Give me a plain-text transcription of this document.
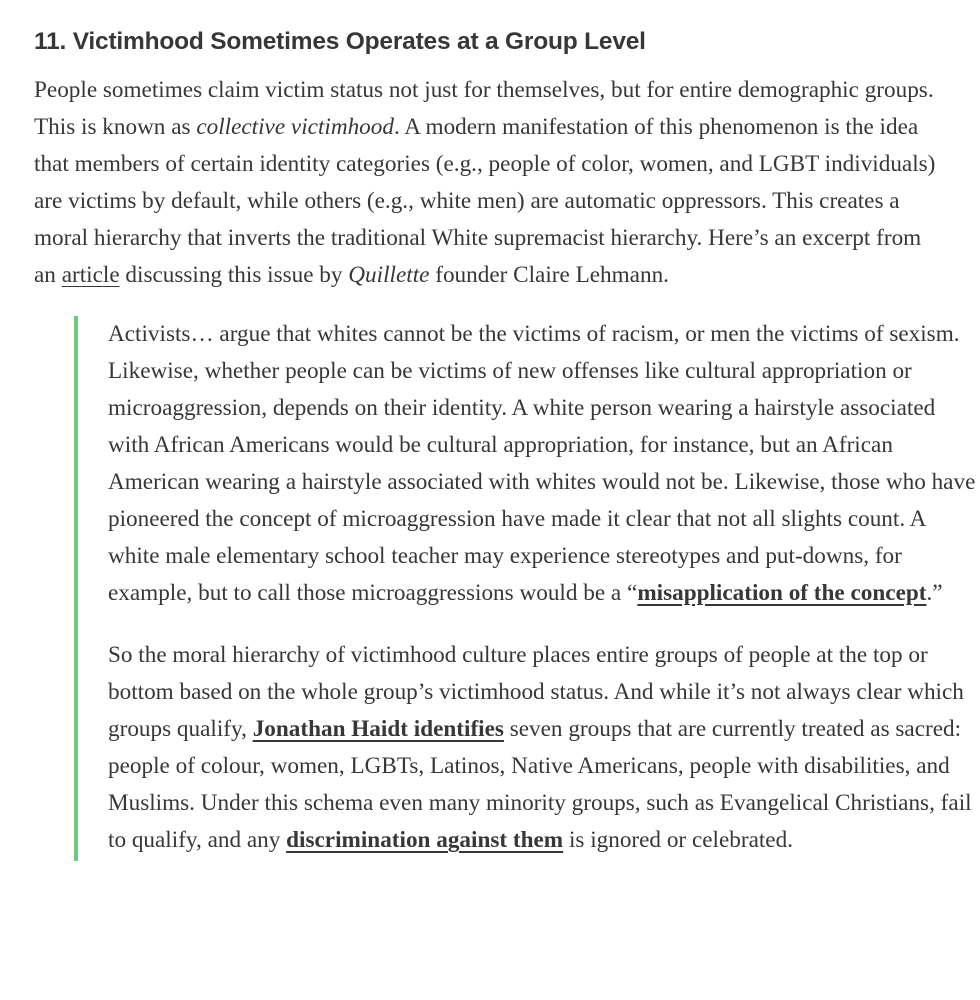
11. Victimhood Sometimes Operates at a Group Level

People sometimes claim victim status not just for themselves, but for entire demographic groups. This is known as collective victimhood. A modern manifestation of this phenomenon is the idea that members of certain identity categories (e.g., people of color, women, and LGBT individuals) are victims by default, while others (e.g., white men) are automatic oppressors. This creates a moral hierarchy that inverts the traditional White supremacist hierarchy. Here’s an excerpt from an article discussing this issue by Quillette founder Claire Lehmann.

Activists… argue that whites cannot be the victims of racism, or men the victims of sexism. Likewise, whether people can be victims of new offenses like cultural appropriation or microaggression, depends on their identity. A white person wearing a hairstyle associated with African Americans would be cultural appropriation, for instance, but an African American wearing a hairstyle associated with whites would not be. Likewise, those who have pioneered the concept of microaggression have made it clear that not all slights count. A white male elementary school teacher may experience stereotypes and put-downs, for example, but to call those microaggressions would be a “misapplication of the concept.”

So the moral hierarchy of victimhood culture places entire groups of people at the top or bottom based on the whole group’s victimhood status. And while it’s not always clear which groups qualify, Jonathan Haidt identifies seven groups that are currently treated as sacred: people of colour, women, LGBTs, Latinos, Native Americans, people with disabilities, and Muslims. Under this schema even many minority groups, such as Evangelical Christians, fail to qualify, and any discrimination against them is ignored or celebrated.
